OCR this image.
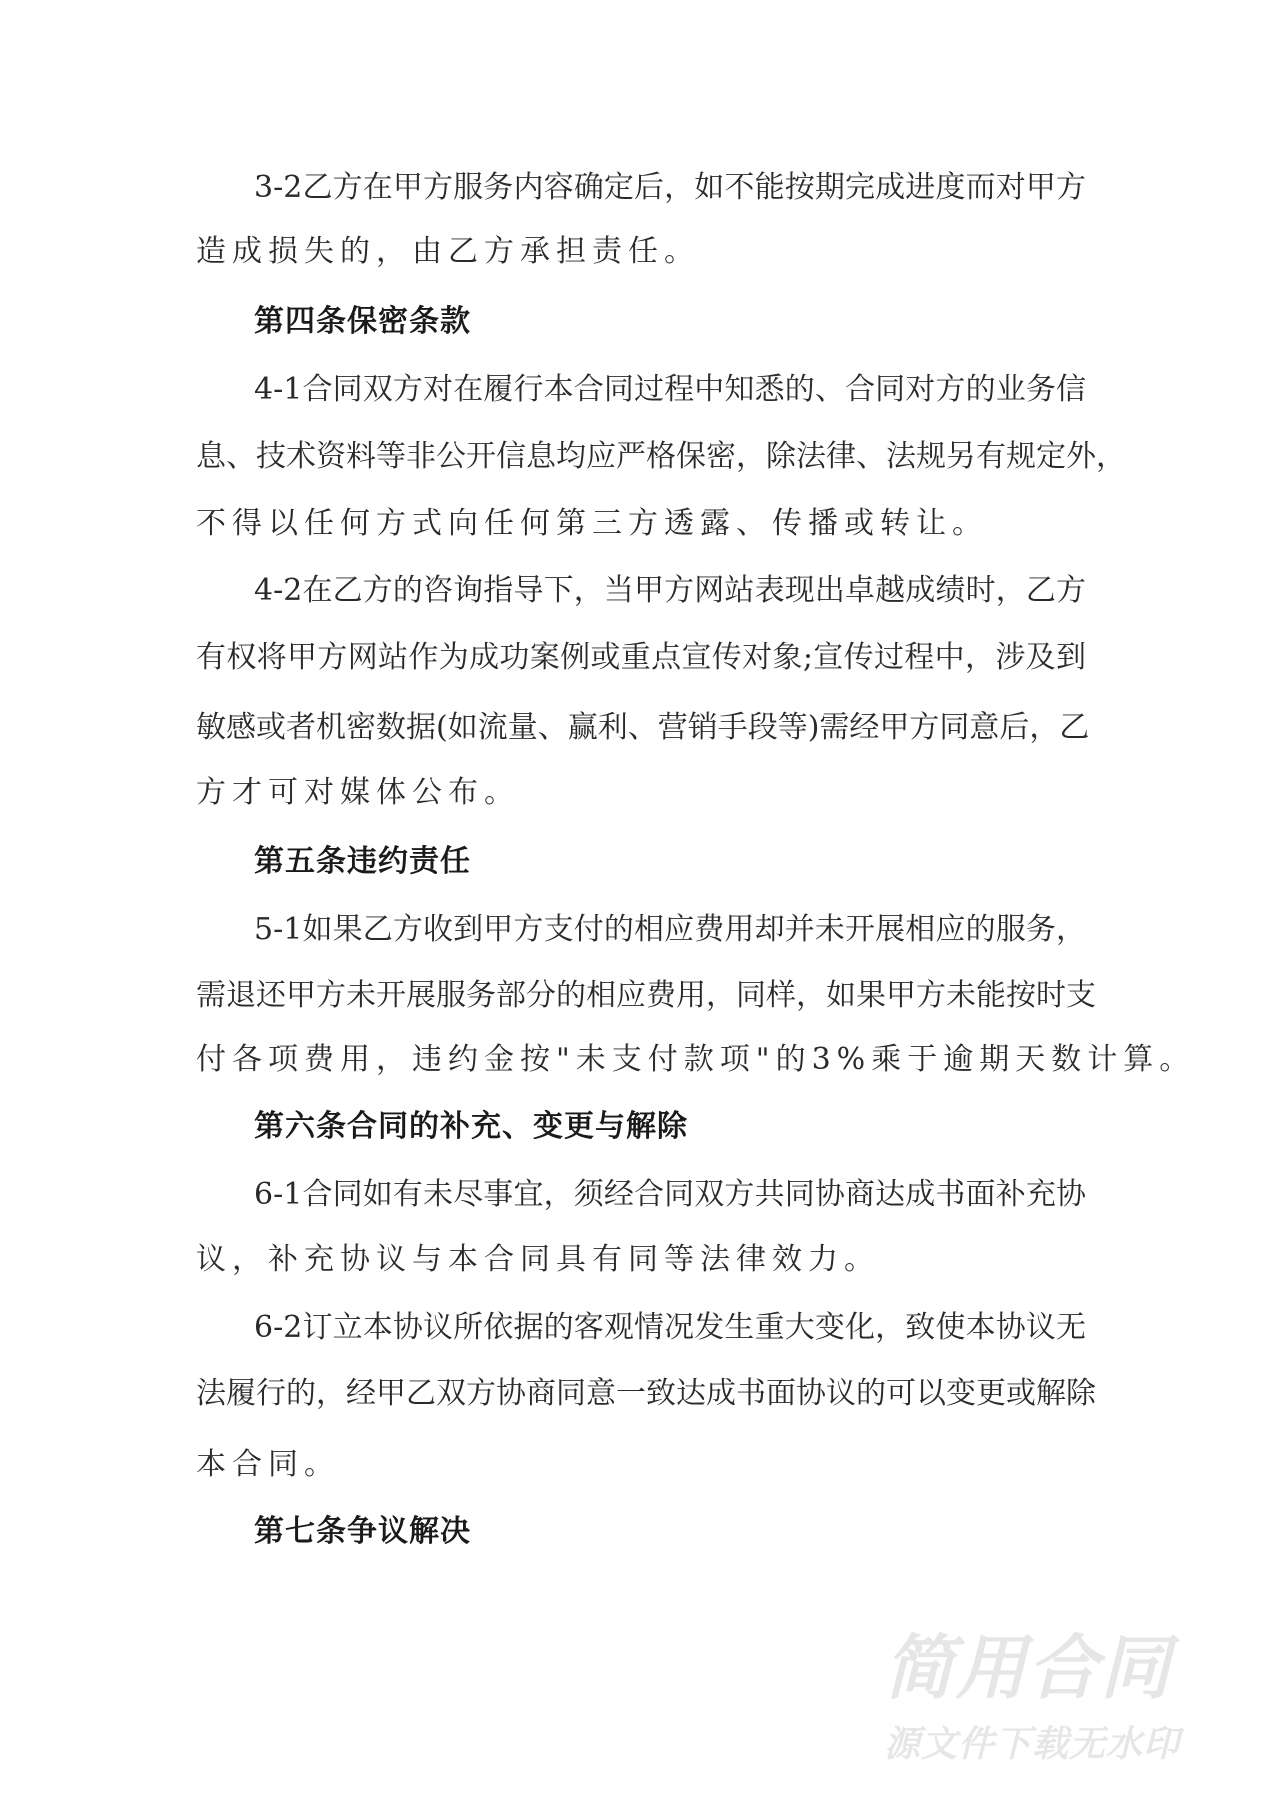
3-2乙方在甲方服务内容确定后，如不能按期完成进度而对甲方
造成损失的，由乙方承担责任。
第四条保密条款
4-1合同双方对在履行本合同过程中知悉的、合同对方的业务信
息、技术资料等非公开信息均应严格保密，除法律、法规另有规定外，
不得以任何方式向任何第三方透露、传播或转让。
4-2在乙方的咨询指导下，当甲方网站表现出卓越成绩时，乙方
有权将甲方网站作为成功案例或重点宣传对象;宣传过程中，涉及到
敏感或者机密数据(如流量、赢利、营销手段等)需经甲方同意后，乙
方才可对媒体公布。
第五条违约责任
5-1如果乙方收到甲方支付的相应费用却并未开展相应的服务，
需退还甲方未开展服务部分的相应费用，同样，如果甲方未能按时支
付各项费用，违约金按"未支付款项"的3%乘于逾期天数计算。
第六条合同的补充、变更与解除
6-1合同如有未尽事宜，须经合同双方共同协商达成书面补充协
议，补充协议与本合同具有同等法律效力。
6-2订立本协议所依据的客观情况发生重大变化，致使本协议无
法履行的，经甲乙双方协商同意一致达成书面协议的可以变更或解除
本合同。
第七条争议解决
简用合同
源文件下载无水印
